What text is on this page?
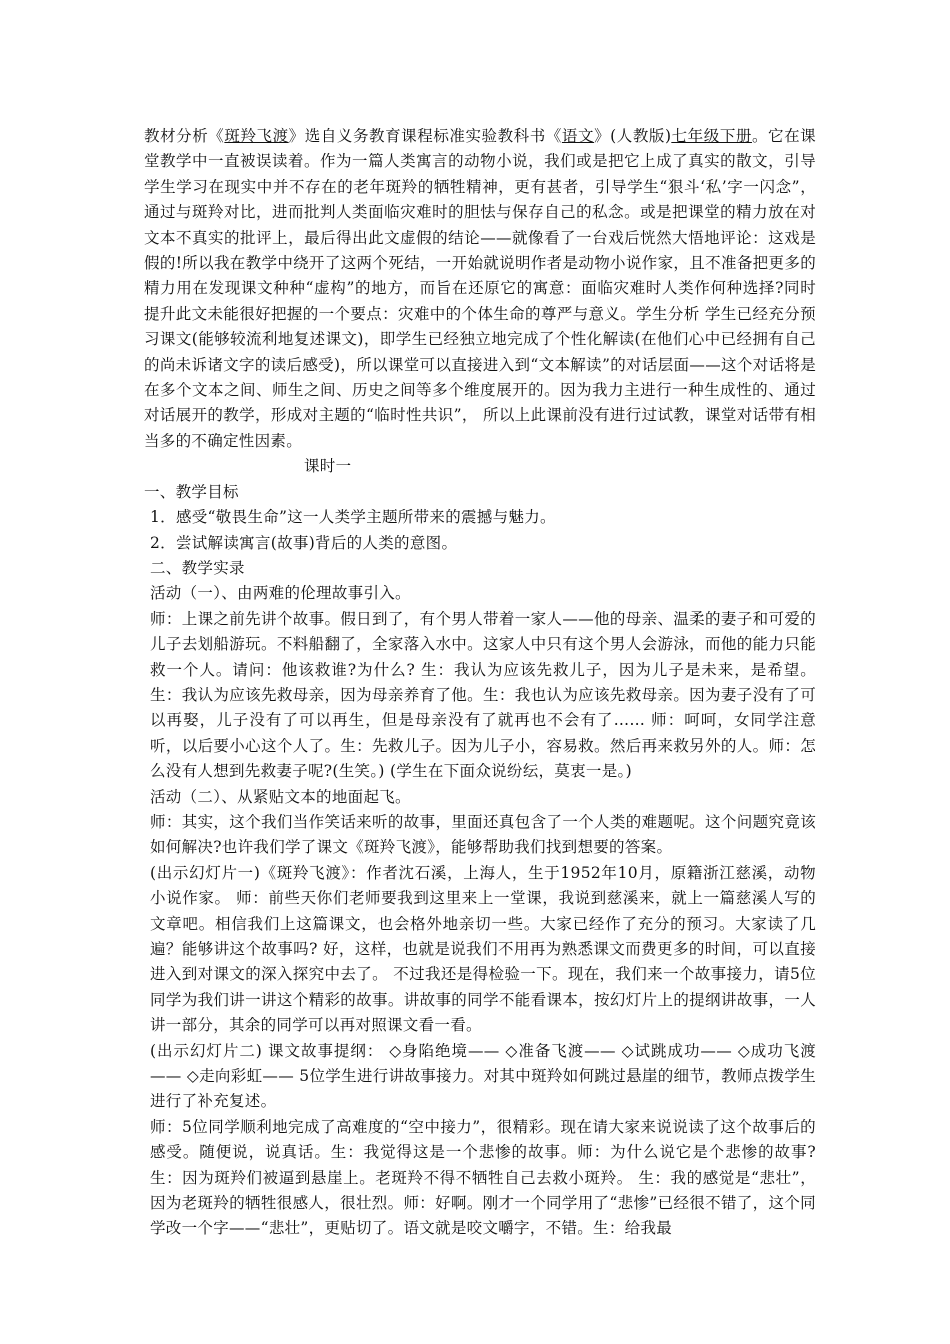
教材分析《斑羚飞渡》选自义务教育课程标准实验教科书《语文》(人教版)七年级下册。它在课堂教学中一直被误读着。作为一篇人类寓言的动物小说，我们或是把它上成了真实的散文，引导学生学习在现实中并不存在的老年斑羚的牺牲精神，更有甚者，引导学生“狠斗‘私’字一闪念”，通过与斑羚对比，进而批判人类面临灾难时的胆怯与保存自己的私念。或是把课堂的精力放在对文本不真实的批评上，最后得出此文虚假的结论——就像看了一台戏后恍然大悟地评论：这戏是假的!所以我在教学中绕开了这两个死结，一开始就说明作者是动物小说作家，且不准备把更多的精力用在发现课文种种“虚构”的地方，而旨在还原它的寓意：面临灾难时人类作何种选择?同时提升此文未能很好把握的一个要点：灾难中的个体生命的尊严与意义。学生分析 学生已经充分预习课文(能够较流利地复述课文)，即学生已经独立地完成了个性化解读(在他们心中已经拥有自己的尚未诉诸文字的读后感受)，所以课堂可以直接进入到“文本解读”的对话层面——这个对话将是在多个文本之间、师生之间、历史之间等多个维度展开的。因为我力主进行一种生成性的、通过对话展开的教学，形成对主题的“临时性共识”， 所以上此课前没有进行过试教，课堂对话带有相当多的不确定性因素。

课时一
一、教学目标
1．感受“敬畏生命”这一人类学主题所带来的震撼与魅力。
2．尝试解读寓言(故事)背后的人类的意图。
二、教学实录
活动（一）、由两难的伦理故事引入。

师：上课之前先讲个故事。假日到了，有个男人带着一家人——他的母亲、温柔的妻子和可爱的儿子去划船游玩。不料船翻了，全家落入水中。这家人中只有这个男人会游泳，而他的能力只能救一个人。请问：他该救谁?为什么? 生：我认为应该先救儿子，因为儿子是未来，是希望。生：我认为应该先救母亲，因为母亲养育了他。生：我也认为应该先救母亲。因为妻子没有了可以再娶，儿子没有了可以再生，但是母亲没有了就再也不会有了…… 师：呵呵，女同学注意听，以后要小心这个人了。生：先救儿子。因为儿子小，容易救。然后再来救另外的人。师：怎么没有人想到先救妻子呢?(生笑。) (学生在下面众说纷纭，莫衷一是。)

活动（二）、从紧贴文本的地面起飞。

师：其实，这个我们当作笑话来听的故事，里面还真包含了一个人类的难题呢。这个问题究竟该如何解决?也许我们学了课文《斑羚飞渡》，能够帮助我们找到想要的答案。

(出示幻灯片一)《斑羚飞渡》：作者沈石溪，上海人，生于1952年10月，原籍浙江慈溪，动物小说作家。 师：前些天你们老师要我到这里来上一堂课，我说到慈溪来，就上一篇慈溪人写的文章吧。相信我们上这篇课文，也会格外地亲切一些。大家已经作了充分的预习。大家读了几遍？能够讲这个故事吗? 好，这样，也就是说我们不用再为熟悉课文而费更多的时间，可以直接进入到对课文的深入探究中去了。 不过我还是得检验一下。现在，我们来一个故事接力，请5位同学为我们讲一讲这个精彩的故事。讲故事的同学不能看课本，按幻灯片上的提纲讲故事，一人讲一部分，其余的同学可以再对照课文看一看。

(出示幻灯片二) 课文故事提纲： ◇身陷绝境—— ◇准备飞渡—— ◇试跳成功—— ◇成功飞渡—— ◇走向彩虹—— 5位学生进行讲故事接力。对其中斑羚如何跳过悬崖的细节，教师点拨学生进行了补充复述。

师：5位同学顺利地完成了高难度的“空中接力”，很精彩。现在请大家来说说读了这个故事后的感受。随便说，说真话。生：我觉得这是一个悲惨的故事。师：为什么说它是个悲惨的故事? 生：因为斑羚们被逼到悬崖上。老斑羚不得不牺牲自己去救小斑羚。 生：我的感觉是“悲壮”，因为老斑羚的牺牲很感人，很壮烈。师：好啊。刚才一个同学用了“悲惨”已经很不错了，这个同学改一个字——“悲壮”，更贴切了。语文就是咬文嚼字，不错。生：给我最
